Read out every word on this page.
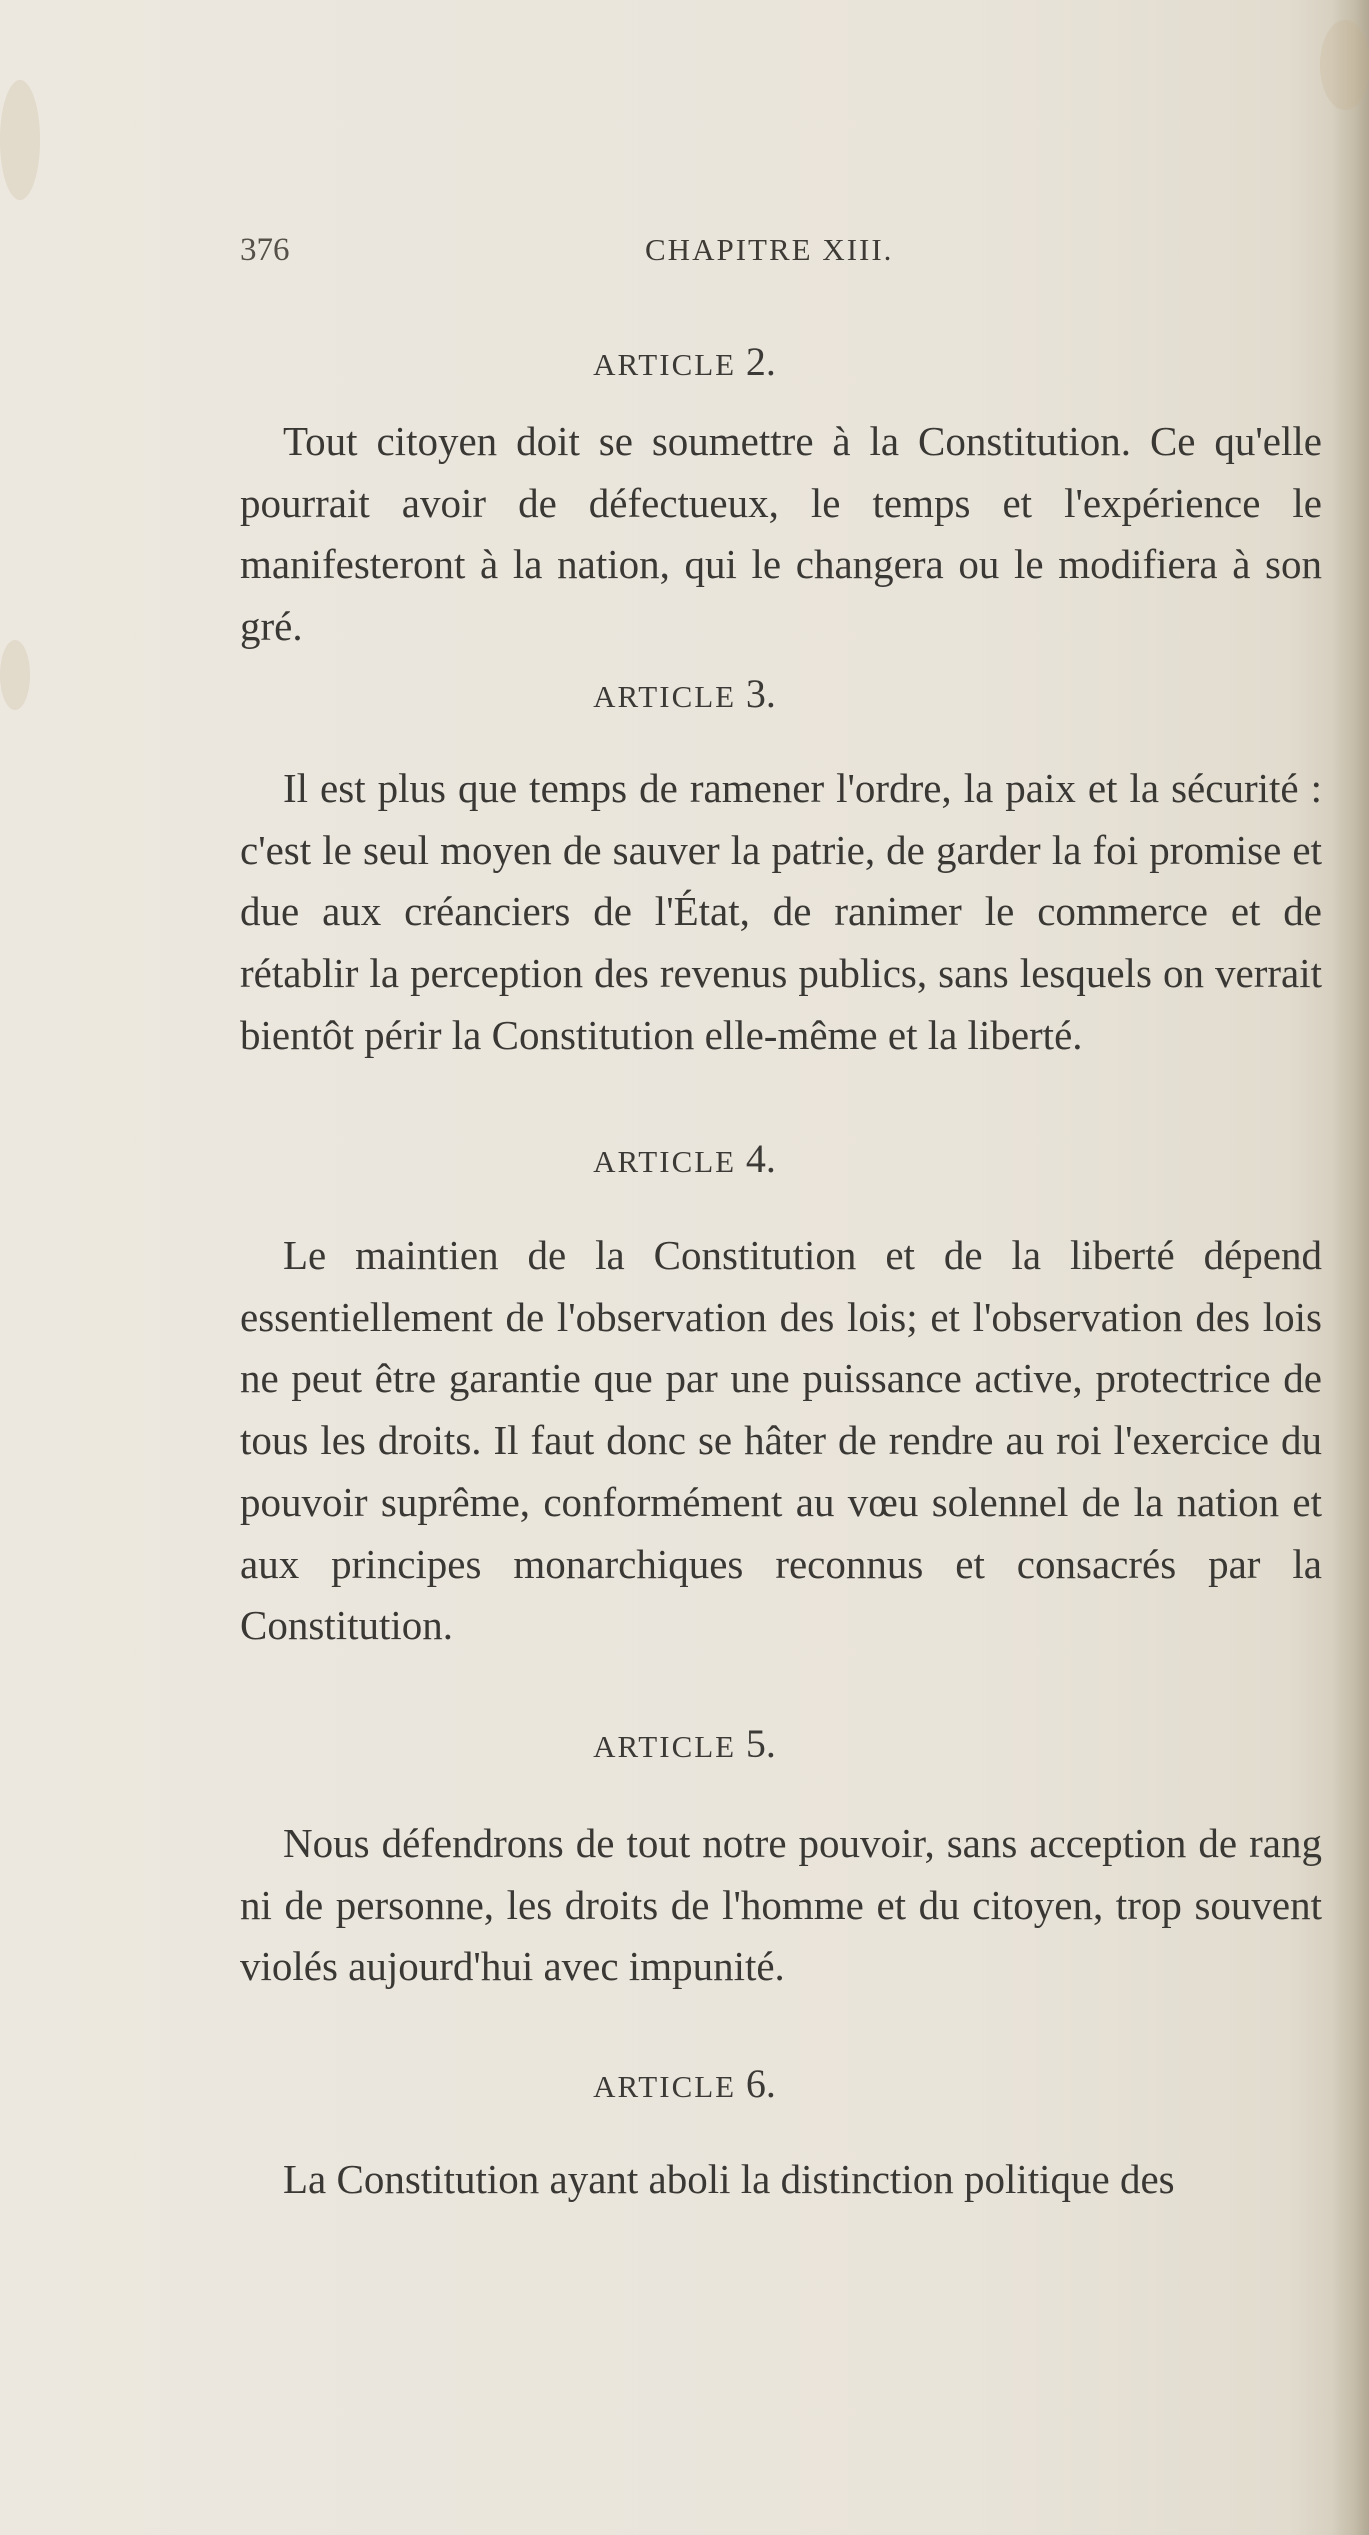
376	CHAPITRE XIII.
ARTICLE 2.

Tout citoyen doit se soumettre à la Constitution. Ce qu'elle pourrait avoir de défectueux, le temps et l'expérience le manifesteront à la nation, qui le changera ou le modifiera à son gré.

ARTICLE 3.

Il est plus que temps de ramener l'ordre, la paix et la sécurité : c'est le seul moyen de sauver la patrie, de garder la foi promise et due aux créanciers de l'État, de ranimer le commerce et de rétablir la perception des revenus publics, sans lesquels on verrait bientôt périr la Constitution elle-même et la liberté.

ARTICLE 4.

Le maintien de la Constitution et de la liberté dépend essentiellement de l'observation des lois; et l'observation des lois ne peut être garantie que par une puissance active, protectrice de tous les droits. Il faut donc se hâter de rendre au roi l'exercice du pouvoir suprême, conformément au vœu solennel de la nation et aux principes monarchiques reconnus et consacrés par la Constitution.

ARTICLE 5.

Nous défendrons de tout notre pouvoir, sans acception de rang ni de personne, les droits de l'homme et du citoyen, trop souvent violés aujourd'hui avec impunité.

ARTICLE 6.

La Constitution ayant aboli la distinction politique des
